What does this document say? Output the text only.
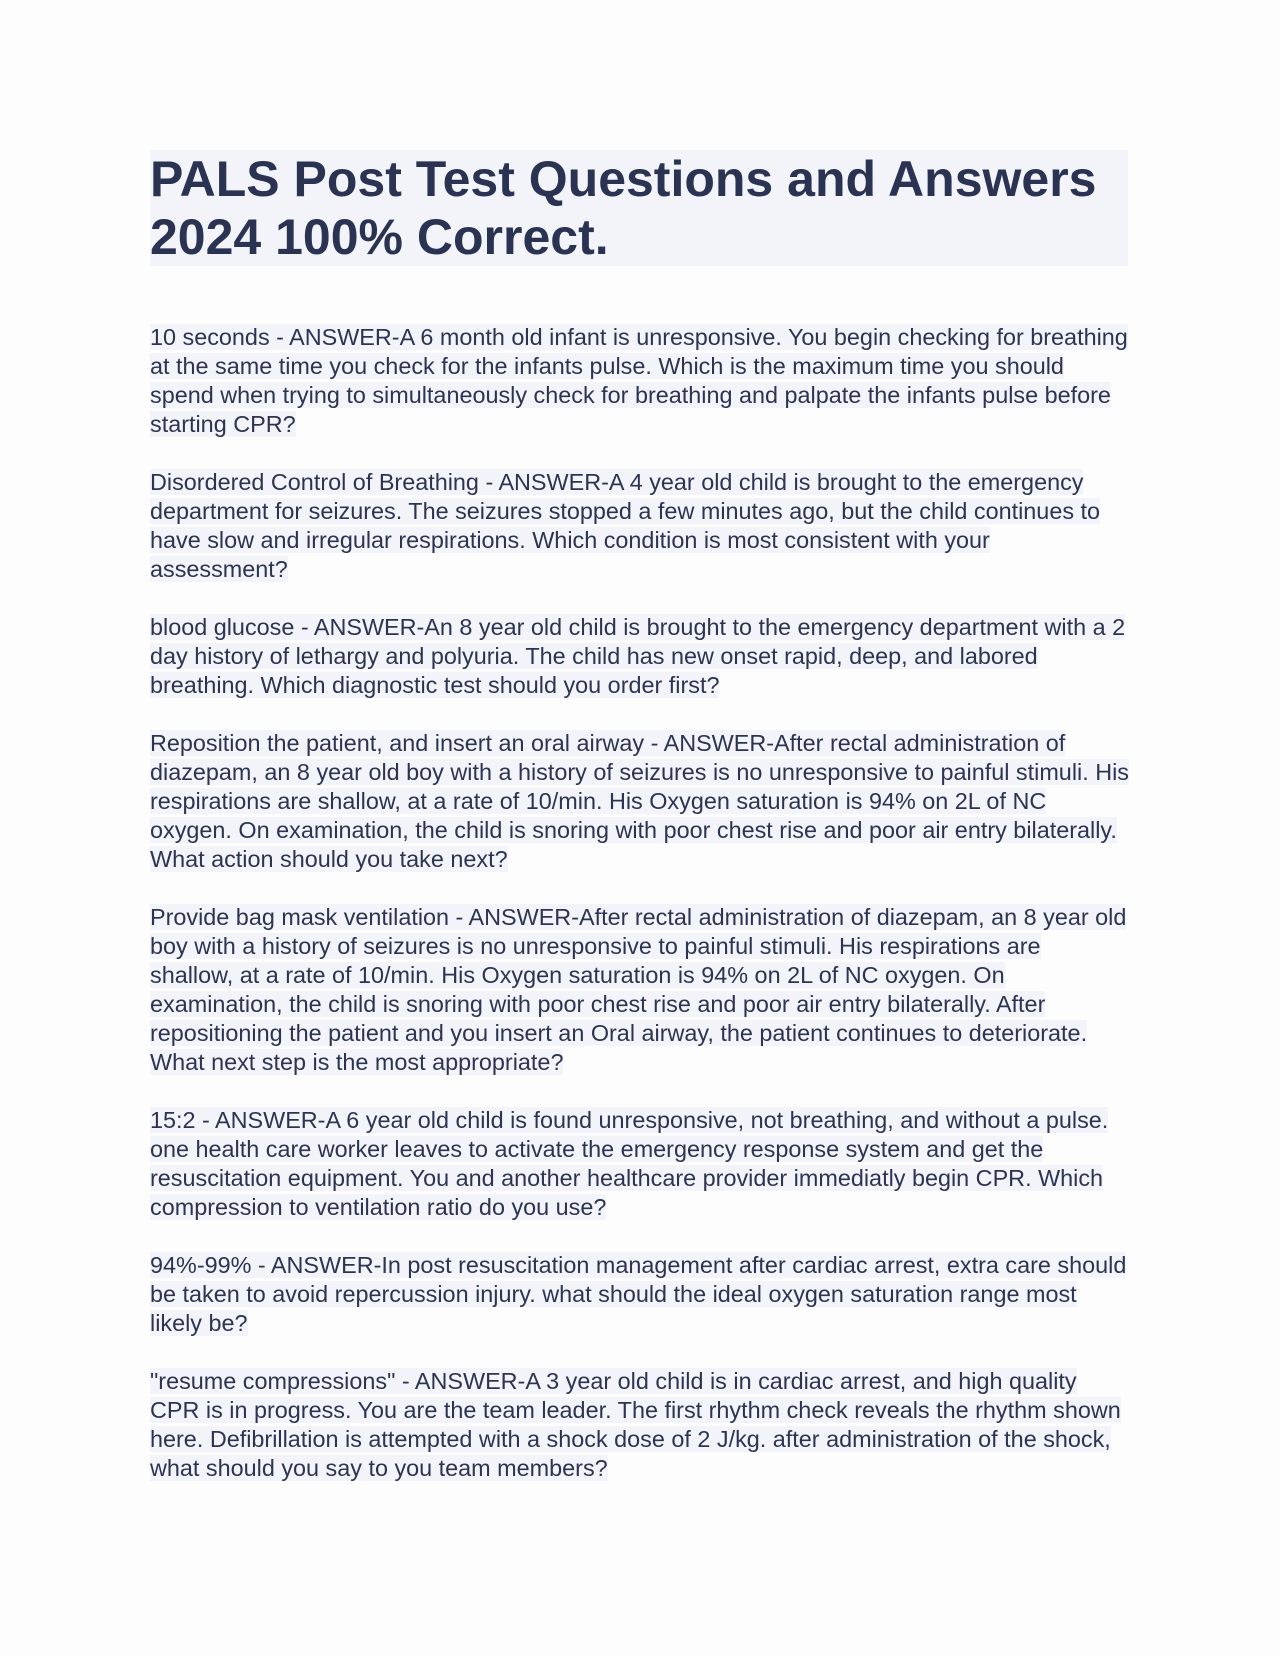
PALS Post Test Questions and Answers
2024 100% Correct.

10 seconds - ANSWER-A 6 month old infant is unresponsive. You begin checking for breathing at the same time you check for the infants pulse. Which is the maximum time you should spend when trying to simultaneously check for breathing and palpate the infants pulse before starting CPR?

Disordered Control of Breathing - ANSWER-A 4 year old child is brought to the emergency department for seizures. The seizures stopped a few minutes ago, but the child continues to have slow and irregular respirations. Which condition is most consistent with your assessment?

blood glucose - ANSWER-An 8 year old child is brought to the emergency department with a 2 day history of lethargy and polyuria. The child has new onset rapid, deep, and labored breathing. Which diagnostic test should you order first?

Reposition the patient, and insert an oral airway - ANSWER-After rectal administration of diazepam, an 8 year old boy with a history of seizures is no unresponsive to painful stimuli. His respirations are shallow, at a rate of 10/min. His Oxygen saturation is 94% on 2L of NC oxygen. On examination, the child is snoring with poor chest rise and poor air entry bilaterally. What action should you take next?

Provide bag mask ventilation - ANSWER-After rectal administration of diazepam, an 8 year old boy with a history of seizures is no unresponsive to painful stimuli. His respirations are shallow, at a rate of 10/min. His Oxygen saturation is 94% on 2L of NC oxygen. On examination, the child is snoring with poor chest rise and poor air entry bilaterally. After repositioning the patient and you insert an Oral airway, the patient continues to deteriorate. What next step is the most appropriate?

15:2 - ANSWER-A 6 year old child is found unresponsive, not breathing, and without a pulse. one health care worker leaves to activate the emergency response system and get the resuscitation equipment. You and another healthcare provider immediatly begin CPR. Which compression to ventilation ratio do you use?

94%-99% - ANSWER-In post resuscitation management after cardiac arrest, extra care should be taken to avoid repercussion injury. what should the ideal oxygen saturation range most likely be?

"resume compressions" - ANSWER-A 3 year old child is in cardiac arrest, and high quality CPR is in progress. You are the team leader. The first rhythm check reveals the rhythm shown here. Defibrillation is attempted with a shock dose of 2 J/kg. after administration of the shock, what should you say to you team members?
